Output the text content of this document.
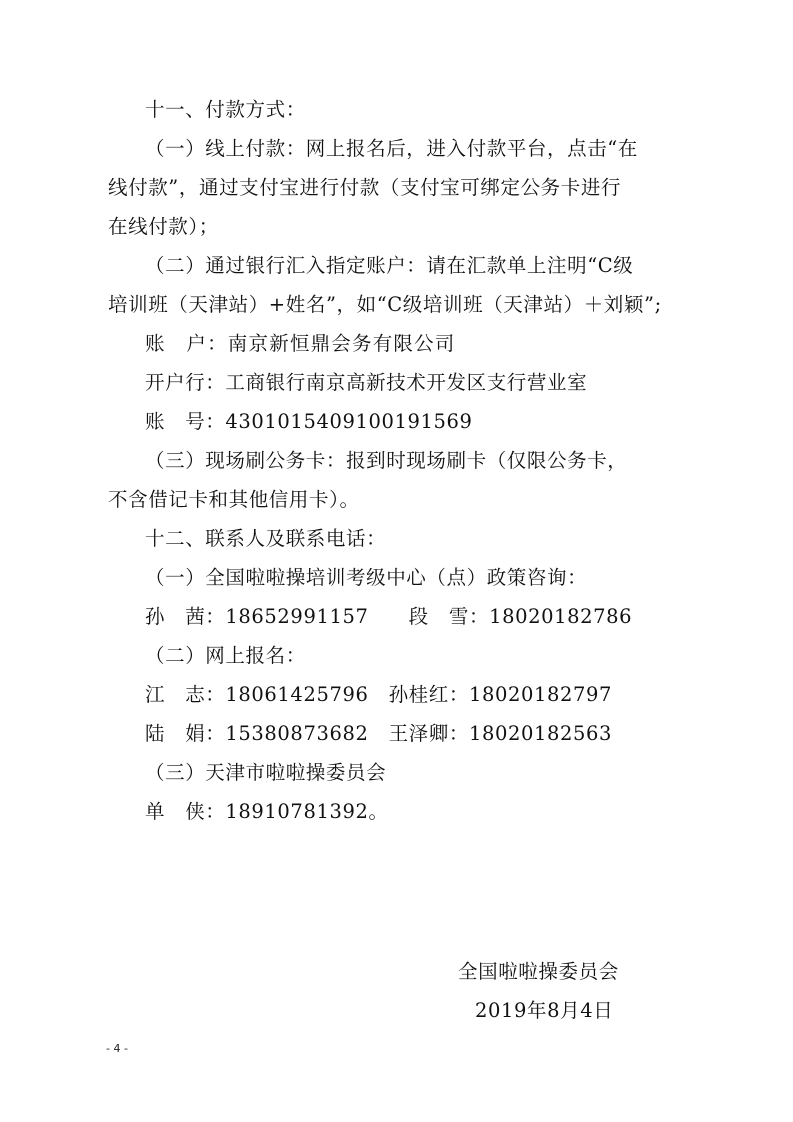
十一、付款方式：
（一）线上付款：网上报名后，进入付款平台，点击“在
线付款”，通过支付宝进行付款（支付宝可绑定公务卡进行
在线付款）；
（二）通过银行汇入指定账户：请在汇款单上注明“C级
培训班（天津站）+姓名”，如“C级培训班（天津站）＋刘颖”;
账　户：南京新恒鼎会务有限公司
开户行：工商银行南京高新技术开发区支行营业室
账　号：4301015409100191569
（三）现场刷公务卡：报到时现场刷卡（仅限公务卡，
不含借记卡和其他信用卡）。
十二、联系人及联系电话：
（一）全国啦啦操培训考级中心（点）政策咨询：
孙　茜：18652991157　　段　雪：18020182786
（二）网上报名：
江　志：18061425796　孙桂红：18020182797
陆　娟：15380873682　王泽卿：18020182563
（三）天津市啦啦操委员会
单　侠：18910781392。
全国啦啦操委员会
2019年8月4日
- 4 -
